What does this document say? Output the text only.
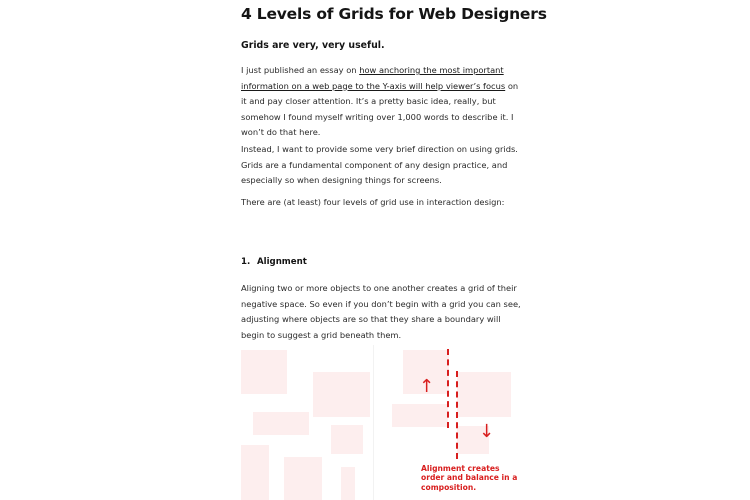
4 Levels of Grids for Web Designers

Grids are very, very useful.

I just published an essay on how anchoring the most important information on a web page to the Y-axis will help viewer’s focus on it and pay closer attention. It’s a pretty basic idea, really, but somehow I found myself writing over 1,000 words to describe it. I won’t do that here.

Instead, I want to provide some very brief direction on using grids. Grids are a fundamental component of any design practice, and especially so when designing things for screens.

There are (at least) four levels of grid use in interaction design:

1. Alignment

Aligning two or more objects to one another creates a grid of their negative space. So even if you don’t begin with a grid you can see, adjusting where objects are so that they share a boundary will begin to suggest a grid beneath them.

↑
↓

Alignment creates order and balance in a composition.
